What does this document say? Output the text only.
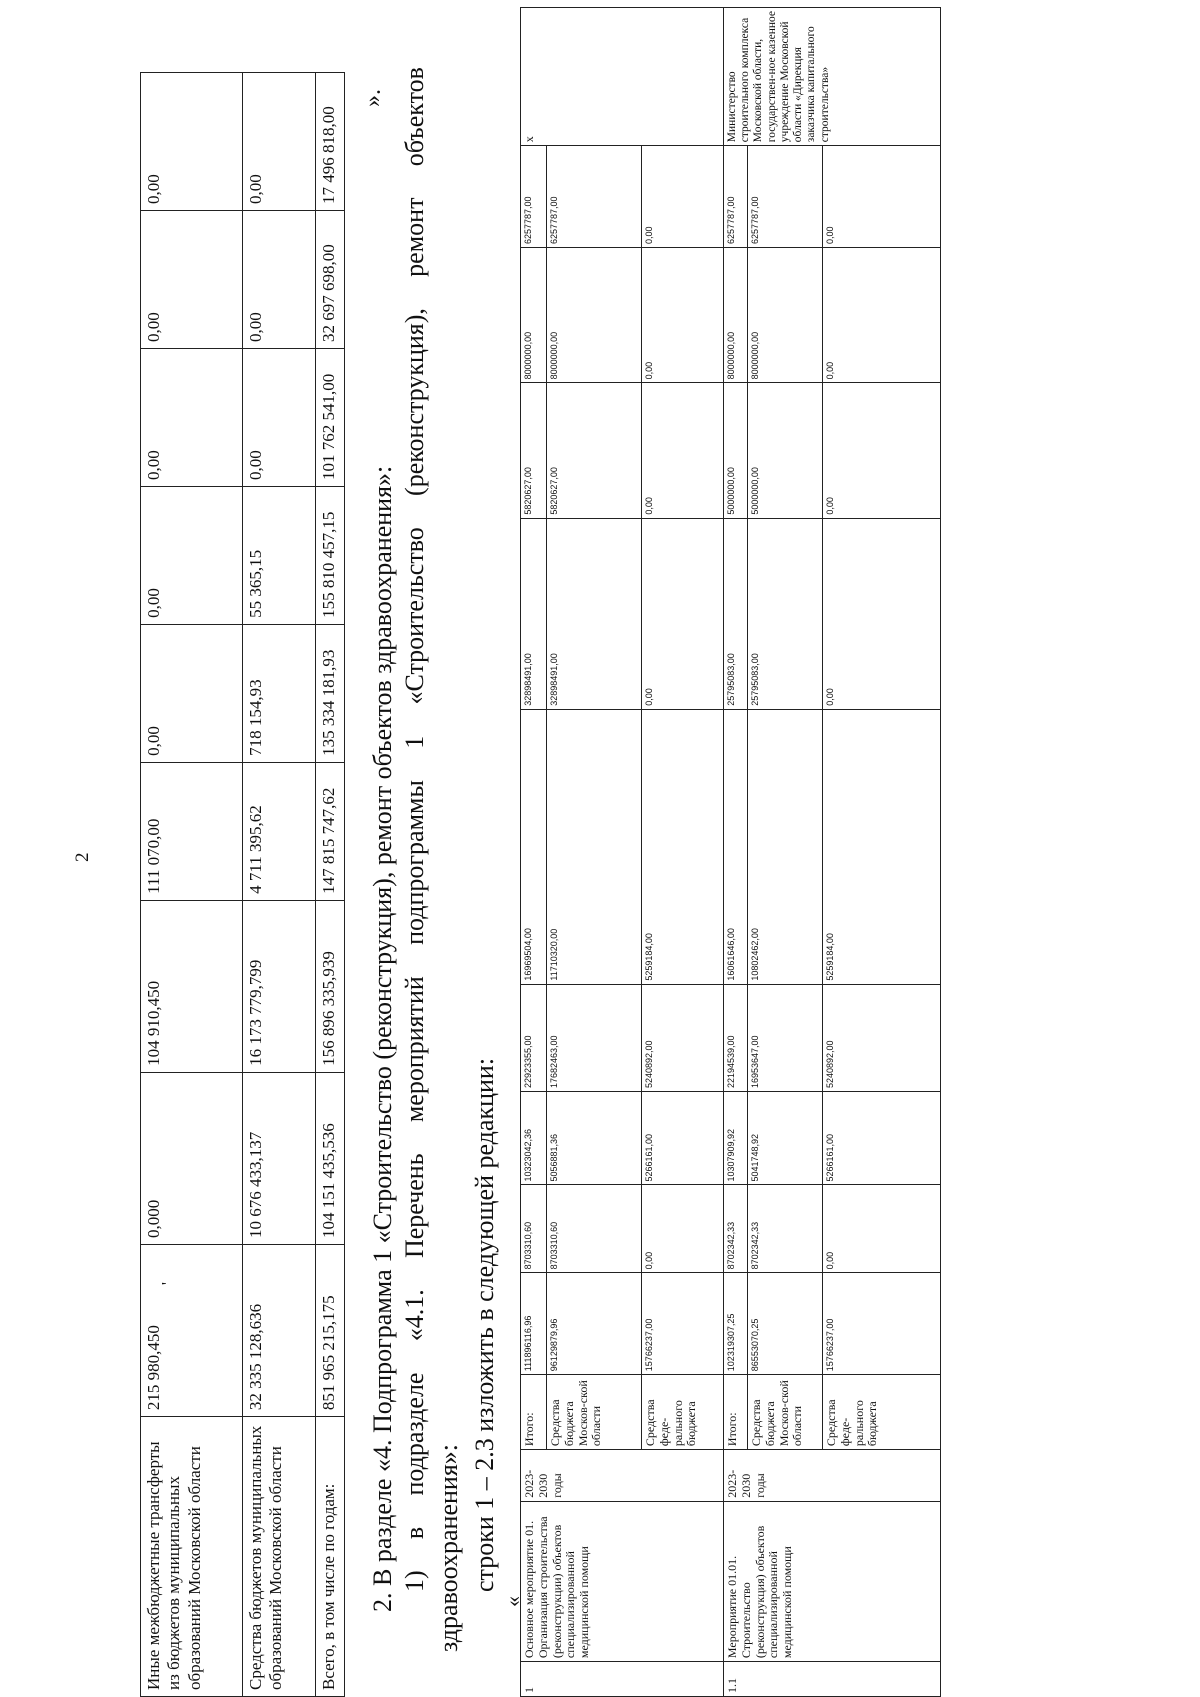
2
Иные межбюджетные трансферты из бюджетов муниципальных образований Московской области	215 980,450'	0,000	104 910,450	111 070,00	0,00	0,00	0,00	0,00	0,00
Средства бюджетов муниципальных образований Московской области	32 335 128,636	10 676 433,137	16 173 779,799	4 711 395,62	718 154,93	55 365,15	0,00	0,00	0,00
Всего, в том числе по годам:	851 965 215,175	104 151 435,536	156 896 335,939	147 815 747,62	135 334 181,93	155 810 457,15	101 762 541,00	32 697 698,00	17 496 818,00
».
2. В разделе «4. Подпрограмма 1 «Строительство (реконструкция), ремонт объектов здравоохранения»: 1)
в
подразделе
«4.1.
Перечень
мероприятий
подпрограммы
1
«Строительство
(реконструкция),
ремонт
объектов
здравоохранения»: строки 1 – 2.3 изложить в следующей редакции:
«
1	Основное мероприятие 01. Организация строительства (реконструкции) объектов специализированной медицинской помощи	2023-2030 годы	Итого:	111896116,96	8703310,60	10323042,36	22923355,00	16969504,00	32898491,00	5820627,00	8000000,00	6257787,00	х
			Средства бюджета Москов-ской области	96129879,96	8703310,60	5056881,36	17682463,00	11710320,00	32898491,00	5820627,00	8000000,00	6257787,00	
			Средства феде-рального бюджета	15766237,00	0,00	5266161,00	5240892,00	5259184,00	0,00	0,00	0,00	0,00	
1.1	Мероприятие 01.01. Строительство (реконструкция) объектов специализированной медицинской помощи	2023-2030 годы	Итого:	102319307,25	8702342,33	10307909,92	22194539,00	16061646,00	25795083,00	5000000,00	8000000,00	6257787,00	Министерство строительного комплекса Московской области, государствен-ное казенное учреждение Московской области «Дирекция заказчика капитального строительства»
			Средства бюджета Москов-ской области	86553070,25	8702342,33	5041748,92	16953647,00	10802462,00	25795083,00	5000000,00	8000000,00	6257787,00	
			Средства феде-рального бюджета	15766237,00	0,00	5266161,00	5240892,00	5259184,00	0,00	0,00	0,00	0,00	
